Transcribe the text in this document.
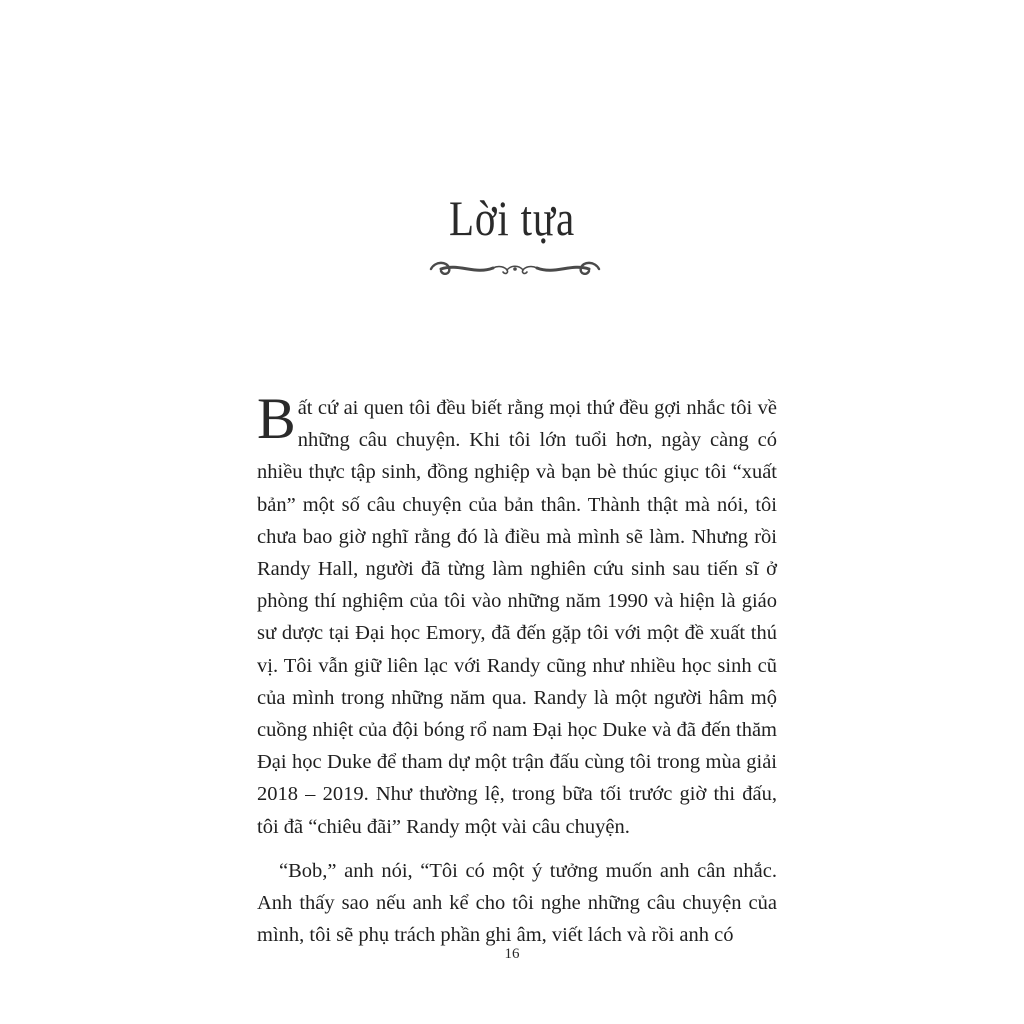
Lời tựa

Bất cứ ai quen tôi đều biết rằng mọi thứ đều gợi nhắc tôi về những câu chuyện. Khi tôi lớn tuổi hơn, ngày càng có nhiều thực tập sinh, đồng nghiệp và bạn bè thúc giục tôi “xuất bản” một số câu chuyện của bản thân. Thành thật mà nói, tôi chưa bao giờ nghĩ rằng đó là điều mà mình sẽ làm. Nhưng rồi Randy Hall, người đã từng làm nghiên cứu sinh sau tiến sĩ ở phòng thí nghiệm của tôi vào những năm 1990 và hiện là giáo sư dược tại Đại học Emory, đã đến gặp tôi với một đề xuất thú vị. Tôi vẫn giữ liên lạc với Randy cũng như nhiều học sinh cũ của mình trong những năm qua. Randy là một người hâm mộ cuồng nhiệt của đội bóng rổ nam Đại học Duke và đã đến thăm Đại học Duke để tham dự một trận đấu cùng tôi trong mùa giải 2018 – 2019. Như thường lệ, trong bữa tối trước giờ thi đấu, tôi đã “chiêu đãi” Randy một vài câu chuyện.

“Bob,” anh nói, “Tôi có một ý tưởng muốn anh cân nhắc. Anh thấy sao nếu anh kể cho tôi nghe những câu chuyện của mình, tôi sẽ phụ trách phần ghi âm, viết lách và rồi anh có

16
